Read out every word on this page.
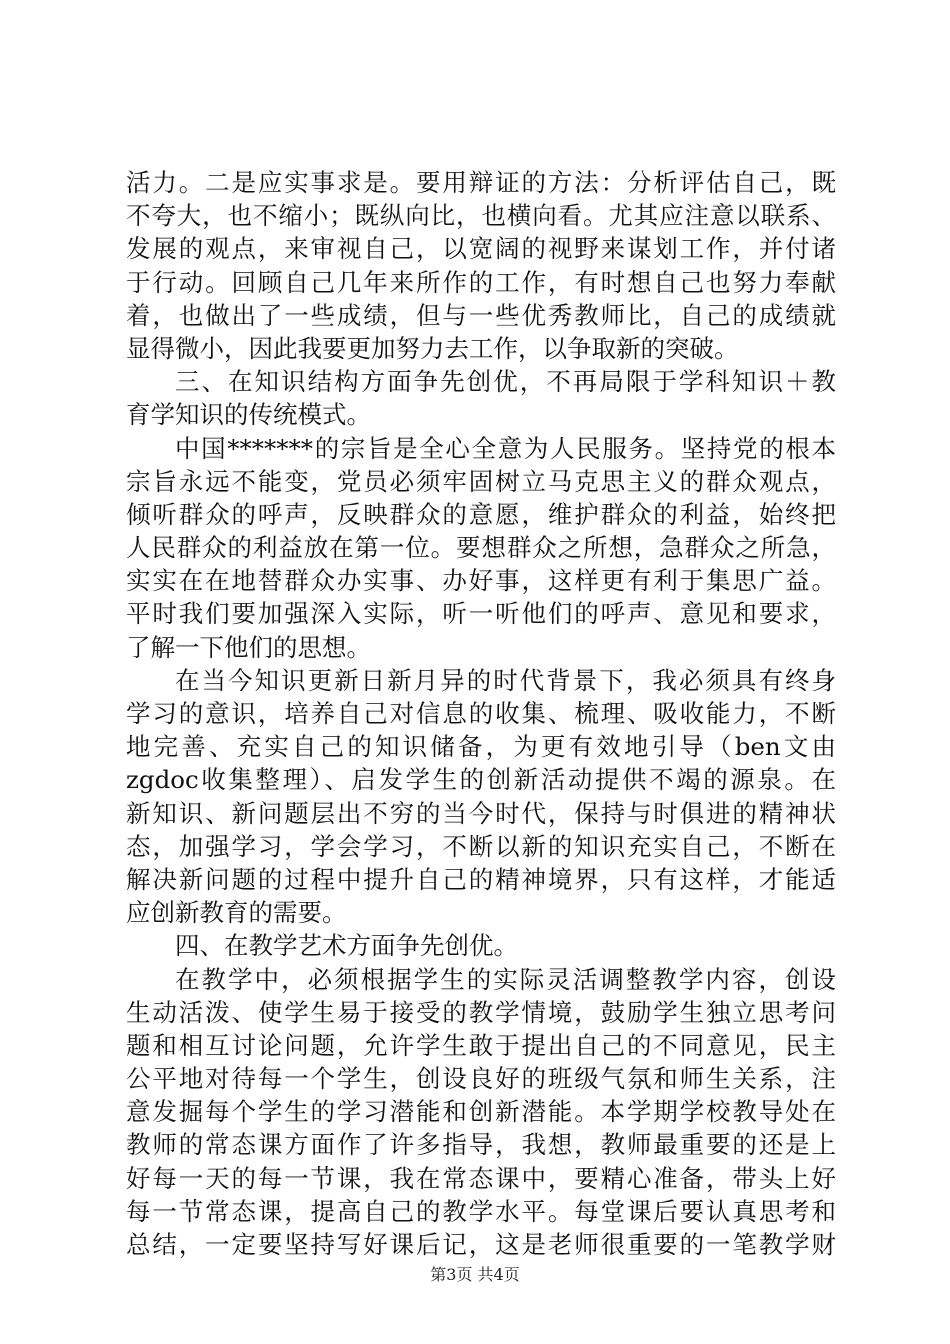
活力。二是应实事求是。要用辩证的方法：分析评估自己，既
不夸大，也不缩小；既纵向比，也横向看。尤其应注意以联系、
发展的观点，来审视自己，以宽阔的视野来谋划工作，并付诸
于行动。回顾自己几年来所作的工作，有时想自己也努力奉献
着，也做出了一些成绩，但与一些优秀教师比，自己的成绩就
显得微小，因此我要更加努力去工作，以争取新的突破。
三、在知识结构方面争先创优，不再局限于学科知识＋教
育学知识的传统模式。
中国*******的宗旨是全心全意为人民服务。坚持党的根本
宗旨永远不能变，党员必须牢固树立马克思主义的群众观点，
倾听群众的呼声，反映群众的意愿，维护群众的利益，始终把
人民群众的利益放在第一位。要想群众之所想，急群众之所急，
实实在在地替群众办实事、办好事，这样更有利于集思广益。
平时我们要加强深入实际，听一听他们的呼声、意见和要求，
了解一下他们的思想。
在当今知识更新日新月异的时代背景下，我必须具有终身
学习的意识，培养自己对信息的收集、梳理、吸收能力，不断
地完善、充实自己的知识储备，为更有效地引导（ben文由
zgdoc收集整理）、启发学生的创新活动提供不竭的源泉。在
新知识、新问题层出不穷的当今时代，保持与时俱进的精神状
态，加强学习，学会学习，不断以新的知识充实自己，不断在
解决新问题的过程中提升自己的精神境界，只有这样，才能适
应创新教育的需要。
四、在教学艺术方面争先创优。
在教学中，必须根据学生的实际灵活调整教学内容，创设
生动活泼、使学生易于接受的教学情境，鼓励学生独立思考问
题和相互讨论问题，允许学生敢于提出自己的不同意见，民主
公平地对待每一个学生，创设良好的班级气氛和师生关系，注
意发掘每个学生的学习潜能和创新潜能。本学期学校教导处在
教师的常态课方面作了许多指导，我想，教师最重要的还是上
好每一天的每一节课，我在常态课中，要精心准备，带头上好
每一节常态课，提高自己的教学水平。每堂课后要认真思考和
总结，一定要坚持写好课后记，这是老师很重要的一笔教学财
第3页 共4页
